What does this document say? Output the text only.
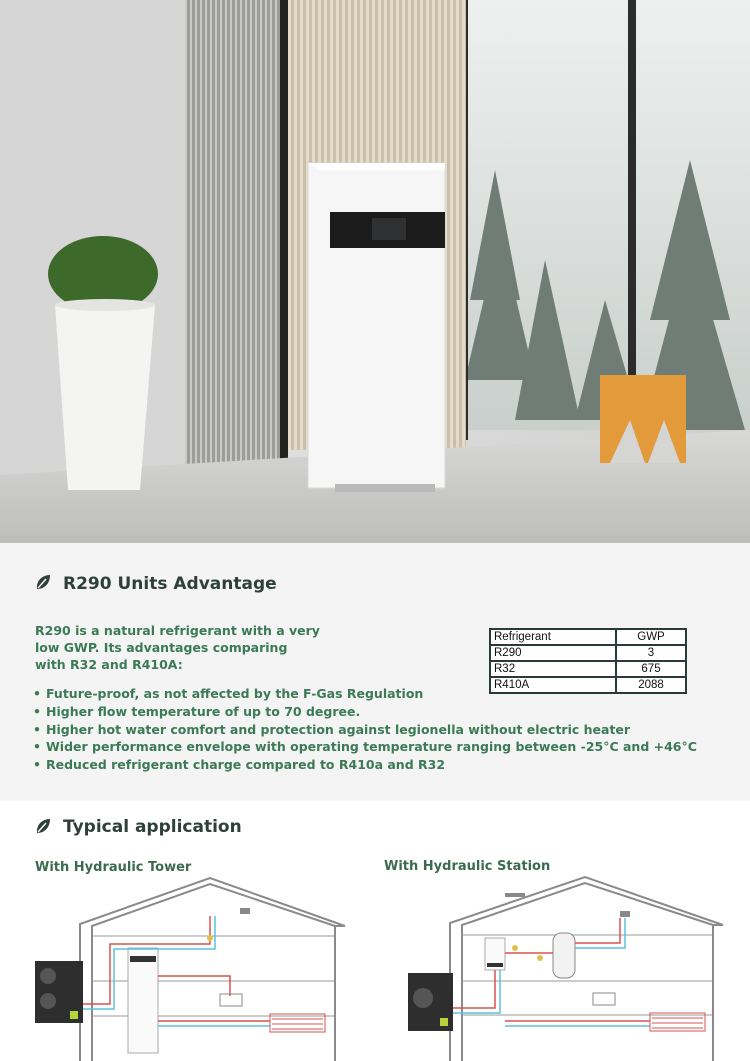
R290 Units Advantage
R290 is a natural refrigerant with a very low GWP. Its advantages comparing with R32 and R410A:
• Future-proof, as not affected by the F-Gas Regulation
• Higher flow temperature of up to 70 degree.
• Higher hot water comfort and protection against legionella without electric heater
• Wider performance envelope with operating temperature ranging between -25°C and +46°C
• Reduced refrigerant charge compared to R410a and R32
Refrigerant	GWP
R290	3
R32	675
R410A	2088
Typical application
With Hydraulic Tower	With Hydraulic Station
